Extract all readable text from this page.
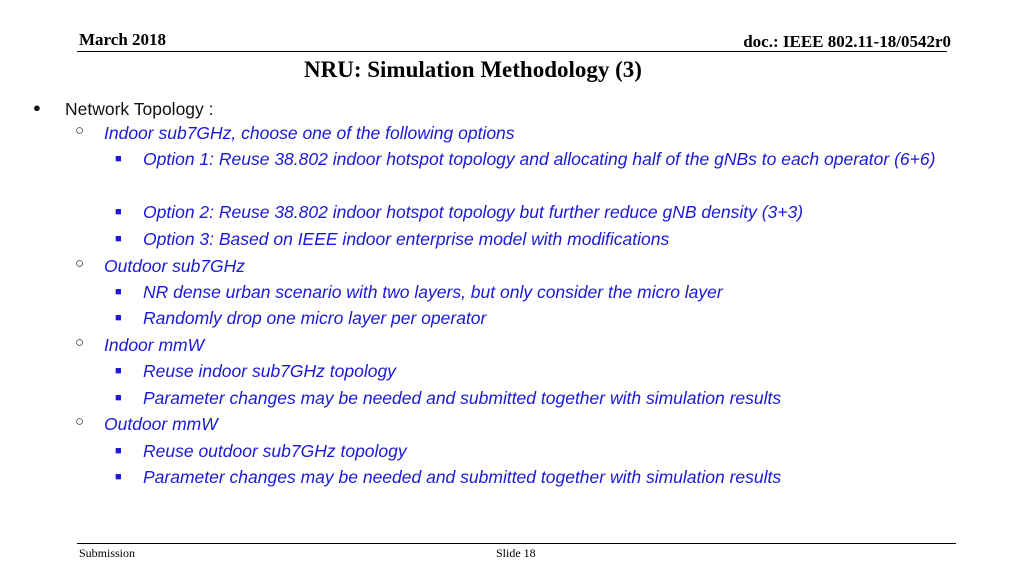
March 2018	doc.: IEEE 802.11-18/0542r0
NRU: Simulation Methodology (3)
● Network Topology :
○ Indoor sub7GHz, choose one of the following options
■ Option 1: Reuse 38.802 indoor hotspot topology and allocating half of the gNBs to each operator (6+6)
■ Option 2: Reuse 38.802 indoor hotspot topology but further reduce gNB density (3+3)
■ Option 3: Based on IEEE indoor enterprise model with modifications
○ Outdoor sub7GHz
■ NR dense urban scenario with two layers, but only consider the micro layer
■ Randomly drop one micro layer per operator
○ Indoor mmW
■ Reuse indoor sub7GHz topology
■ Parameter changes may be needed and submitted together with simulation results
○ Outdoor mmW
■ Reuse outdoor sub7GHz topology
■ Parameter changes may be needed and submitted together with simulation results
Submission	Slide 18
